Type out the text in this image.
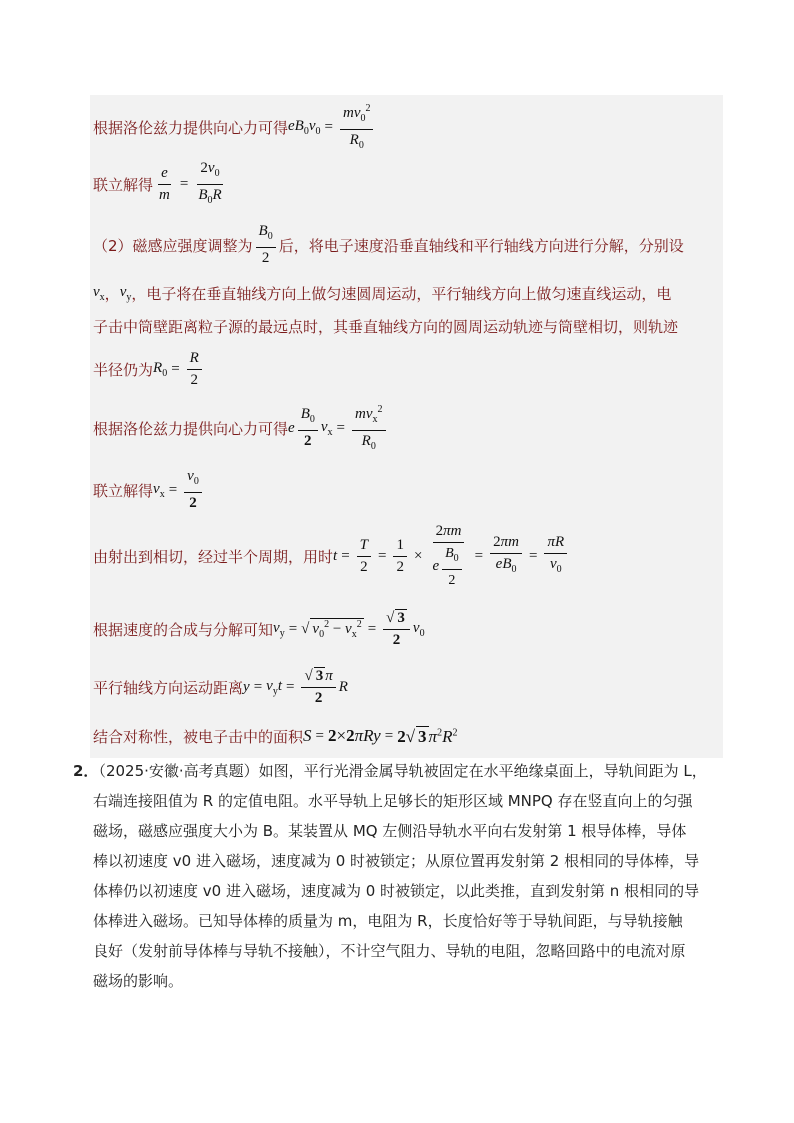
根据洛伦兹力提供向心力可得 $eB_0v_0 = \frac{mv_0^2}{R_0}$
联立解得 $\frac{e}{m} = \frac{2v_0}{B_0R}$
（2）磁感应强度调整为
$B_0$
2
后，将电子速度沿垂直轴线和平行轴线方向进行分解，分别设
$v_x$ ， $v_y$ ，电子将在垂直轴线方向上做匀速圆周运动，平行轴线方向上做匀速直线运动，电
子击中筒壁距离粒子源的最远点时，其垂直轴线方向的圆周运动轨迹与筒壁相切，则轨迹
半径仍为 $R_0 = \frac{R}{2}$
根据洛伦兹力提供向心力可得 e
$B_0$
2
$v_x$ =
$mv_x^2$
$R_0$
联立解得 $v_x = \frac{v_0}{2}$
由射出到相切，经过半个周期，用时 $t = \frac{T}{2} = \frac{1}{2} \times 2\pi m$
e
$B_0$
$2 = \frac{2\pi m}{eB_0} = \frac{\pi R}{v_0}$
根据速度的合成与分解可知 $v_y$ = √ $v_0^2 - v_x^2 = \frac{√ 3}{2} v_0$
平行轴线方向运动距离 $y = v_yt = \frac{√ 3 \pi}{2}$ R
结合对称性，被电子击中的面积 S = 2×2πRy = 2√ 3 $\pi^2R^2$
2．（2025·安徽·高考真题）如图，平行光滑金属导轨被固定在水平绝缘桌面上，导轨间距为 L，
右端连接阻值为 R 的定值电阻。水平导轨上足够长的矩形区域 MNPQ 存在竖直向上的匀强
磁场，磁感应强度大小为 B。某装置从 MQ 左侧沿导轨水平向右发射第 1 根导体棒，导体
棒以初速度 v0 进入磁场，速度减为 0 时被锁定；从原位置再发射第 2 根相同的导体棒，导
体棒仍以初速度 v0 进入磁场，速度减为 0 时被锁定，以此类推，直到发射第 n 根相同的导
体棒进入磁场。已知导体棒的质量为 m，电阻为 R，长度恰好等于导轨间距，与导轨接触
良好（发射前导体棒与导轨不接触），不计空气阻力、导轨的电阻，忽略回路中的电流对原
磁场的影响。
